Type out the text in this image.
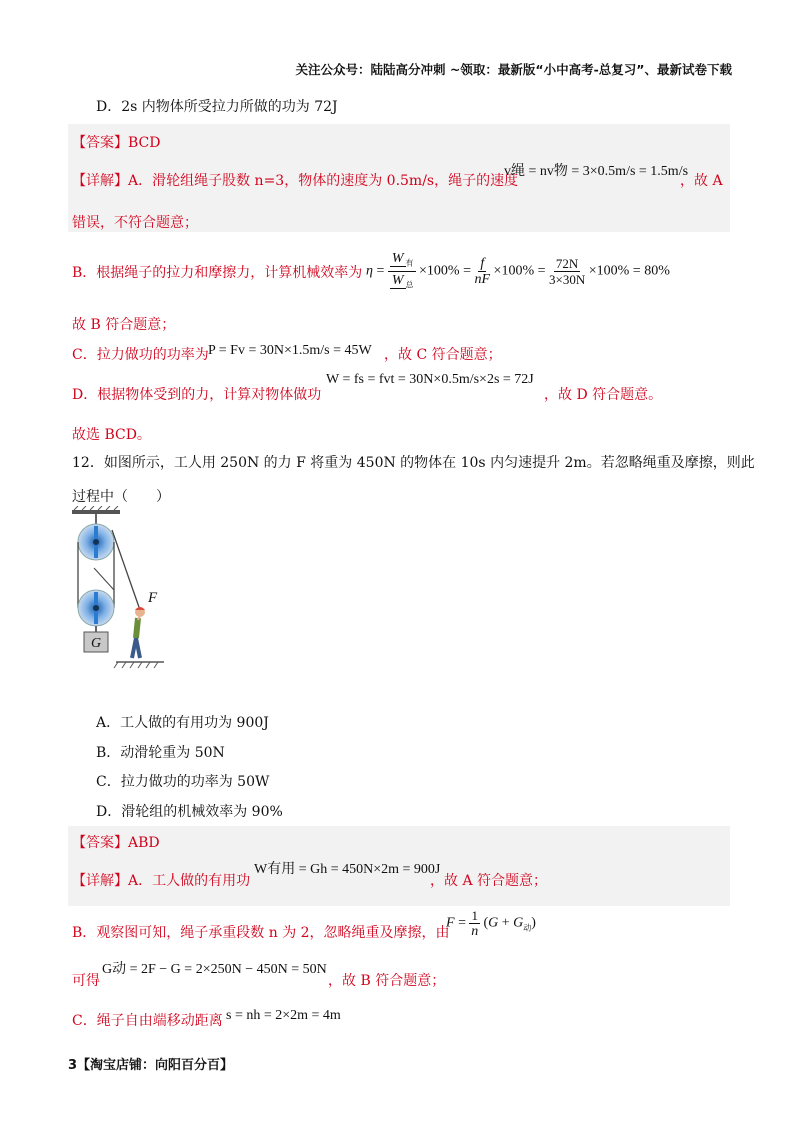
关注公众号：陆陆高分冲刺 ~领取：最新版“小中高考-总复习”、最新试卷下载
D．2s 内物体所受拉力所做的功为 72J
【答案】BCD
【详解】A．滑轮组绳子股数 n=3，物体的速度为 0.5m/s，绳子的速度
v绳 = nv物 = 3×0.5m/s = 1.5m/s
，故 A
错误，不符合题意；
B．根据绳子的拉力和摩擦力，计算机械效率为 $\eta = \frac{W _有}{W _总} \times 100\% = \frac{f}{nF} \times 100\% = \frac{72N}{3\times 30N} \times 100\% = 80\%$
故 B 符合题意；
C．拉力做功的功率为 P = Fv = 30N×1.5m/s = 45W ，故 C 符合题意；
D．根据物体受到的力，计算对物体做功
W = fs = fvt = 30N×0.5m/s×2s = 72J
，故 D 符合题意。
故选 BCD。
12．如图所示，工人用 250N 的力 F 将重为 450N 的物体在 10s 内匀速提升 2m。若忽略绳重及摩擦，则此
过程中（　　）
G
F
A．工人做的有用功为 900J
B．动滑轮重为 50N
C．拉力做功的功率为 50W
D．滑轮组的机械效率为 90%
【答案】ABD
【详解】A．工人做的有用功
W有用 = Gh = 450N×2m = 900J
，故 A 符合题意；
B．观察图可知，绳子承重段数 n 为 2，忽略绳重及摩擦，由
$F = \frac{1}{n} (G + G_动)$
可得
G动 = 2F − G = 2×250N − 450N = 50N
，故 B 符合题意；
C．绳子自由端移动距离 s = nh = 2×2m = 4m
3【淘宝店铺：向阳百分百】
